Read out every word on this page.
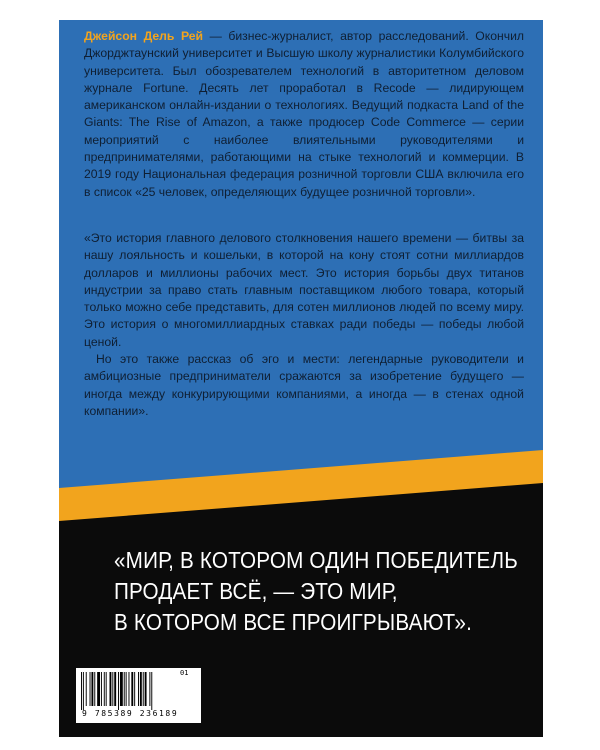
Джейсон Дель Рей — бизнес-журналист, автор расследований. Окончил Джорджтаунский университет и Высшую школу журналистики Колумбийского университета. Был обозревателем технологий в авторитетном деловом журнале Fortune. Десять лет проработал в Recode — лидирующем американском онлайн-издании о технологиях. Ведущий подкаста Land of the Giants: The Rise of Amazon, а также продюсер Code Commerce — серии мероприятий с наиболее влиятельными руководителями и предпринимателями, работающими на стыке технологий и коммерции. В 2019 году Национальная федерация розничной торговли США включила его в список «25 человек, определяющих будущее розничной торговли».

«Это история главного делового столкновения нашего времени — битвы за нашу лояльность и кошельки, в которой на кону стоят сотни миллиардов долларов и миллионы рабочих мест. Это история борьбы двух титанов индустрии за право стать главным поставщиком любого товара, который только можно себе представить, для сотен миллионов людей по всему миру. Это история о многомиллиардных ставках ради победы — победы любой ценой.

Но это также рассказ об эго и мести: легендарные руководители и амбициозные предприниматели сражаются за изобретение будущего — иногда между конкурирующими компаниями, а иногда — в стенах одной компании».

«МИР, В КОТОРОМ ОДИН ПОБЕДИТЕЛЬ
ПРОДАЕТ ВСЁ, — ЭТО МИР,
В КОТОРОМ ВСЕ ПРОИГРЫВАЮТ».
01
9 785389 236189
